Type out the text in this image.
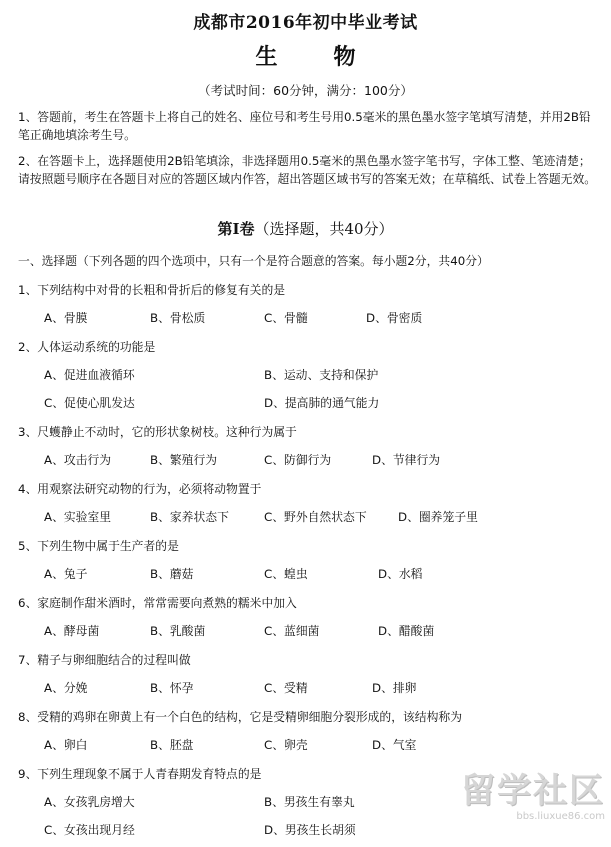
成都市2016年初中毕业考试
生物
（考试时间：60分钟，满分：100分）
1、答题前，考生在答题卡上将自己的姓名、座位号和考生号用0.5毫米的黑色墨水签字笔填写清楚，并用2B铅笔正确地填涂考生号。
2、在答题卡上，选择题使用2B铅笔填涂，非选择题用0.5毫米的黑色墨水签字笔书写，字体工整、笔迹清楚；请按照题号顺序在各题目对应的答题区域内作答，超出答题区域书写的答案无效；在草稿纸、试卷上答题无效。
第Ⅰ卷（选择题，共40分）
一、选择题（下列各题的四个选项中，只有一个是符合题意的答案。每小题2分，共40分）
1、下列结构中对骨的长粗和骨折后的修复有关的是
A、骨膜	B、骨松质	C、骨髓	D、骨密质
2、人体运动系统的功能是
A、促进血液循环	B、运动、支持和保护
C、促使心肌发达	D、提高肺的通气能力
3、尺蠖静止不动时，它的形状象树枝。这种行为属于
A、攻击行为	B、繁殖行为	C、防御行为	D、节律行为
4、用观察法研究动物的行为，必须将动物置于
A、实验室里	B、家养状态下	C、野外自然状态下	D、圈养笼子里
5、下列生物中属于生产者的是
A、兔子	B、蘑菇	C、蝗虫	D、水稻
6、家庭制作甜米酒时，常常需要向煮熟的糯米中加入
A、酵母菌	B、乳酸菌	C、蓝细菌	D、醋酸菌
7、精子与卵细胞结合的过程叫做
A、分娩	B、怀孕	C、受精	D、排卵
8、受精的鸡卵在卵黄上有一个白色的结构，它是受精卵细胞分裂形成的，该结构称为
A、卵白	B、胚盘	C、卵壳	D、气室
9、下列生理现象不属于人青春期发育特点的是
A、女孩乳房增大	B、男孩生有睾丸
C、女孩出现月经	D、男孩生长胡须
留学社区
bbs.liuxue86.com
